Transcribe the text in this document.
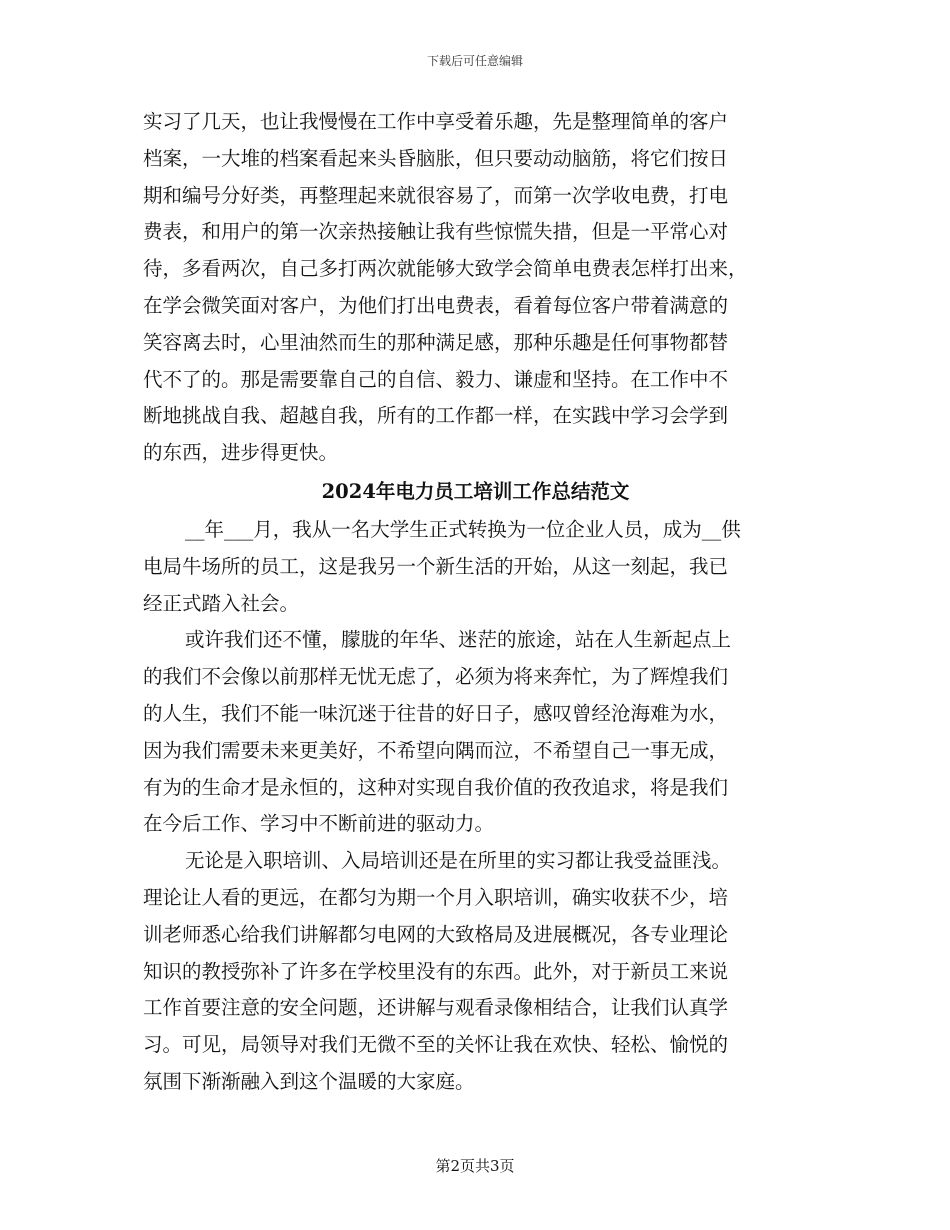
下载后可任意编辑
实习了几天，也让我慢慢在工作中享受着乐趣，先是整理简单的客户
档案，一大堆的档案看起来头昏脑胀，但只要动动脑筋，将它们按日
期和编号分好类，再整理起来就很容易了，而第一次学收电费，打电
费表，和用户的第一次亲热接触让我有些惊慌失措，但是一平常心对
待，多看两次，自己多打两次就能够大致学会简单电费表怎样打出来，
在学会微笑面对客户，为他们打出电费表，看着每位客户带着满意的
笑容离去时，心里油然而生的那种满足感，那种乐趣是任何事物都替
代不了的。那是需要靠自己的自信、毅力、谦虚和坚持。在工作中不
断地挑战自我、超越自我，所有的工作都一样，在实践中学习会学到
的东西，进步得更快。
2024年电力员工培训工作总结范文
__年___月，我从一名大学生正式转换为一位企业人员，成为__供
电局牛场所的员工，这是我另一个新生活的开始，从这一刻起，我已
经正式踏入社会。
或许我们还不懂，朦胧的年华、迷茫的旅途，站在人生新起点上
的我们不会像以前那样无忧无虑了，必须为将来奔忙，为了辉煌我们
的人生，我们不能一味沉迷于往昔的好日子，感叹曾经沧海难为水，
因为我们需要未来更美好，不希望向隅而泣，不希望自己一事无成，
有为的生命才是永恒的，这种对实现自我价值的孜孜追求，将是我们
在今后工作、学习中不断前进的驱动力。
无论是入职培训、入局培训还是在所里的实习都让我受益匪浅。
理论让人看的更远，在都匀为期一个月入职培训，确实收获不少，培
训老师悉心给我们讲解都匀电网的大致格局及进展概况，各专业理论
知识的教授弥补了许多在学校里没有的东西。此外，对于新员工来说
工作首要注意的安全问题，还讲解与观看录像相结合，让我们认真学
习。可见，局领导对我们无微不至的关怀让我在欢快、轻松、愉悦的
氛围下渐渐融入到这个温暖的大家庭。
第2页共3页
